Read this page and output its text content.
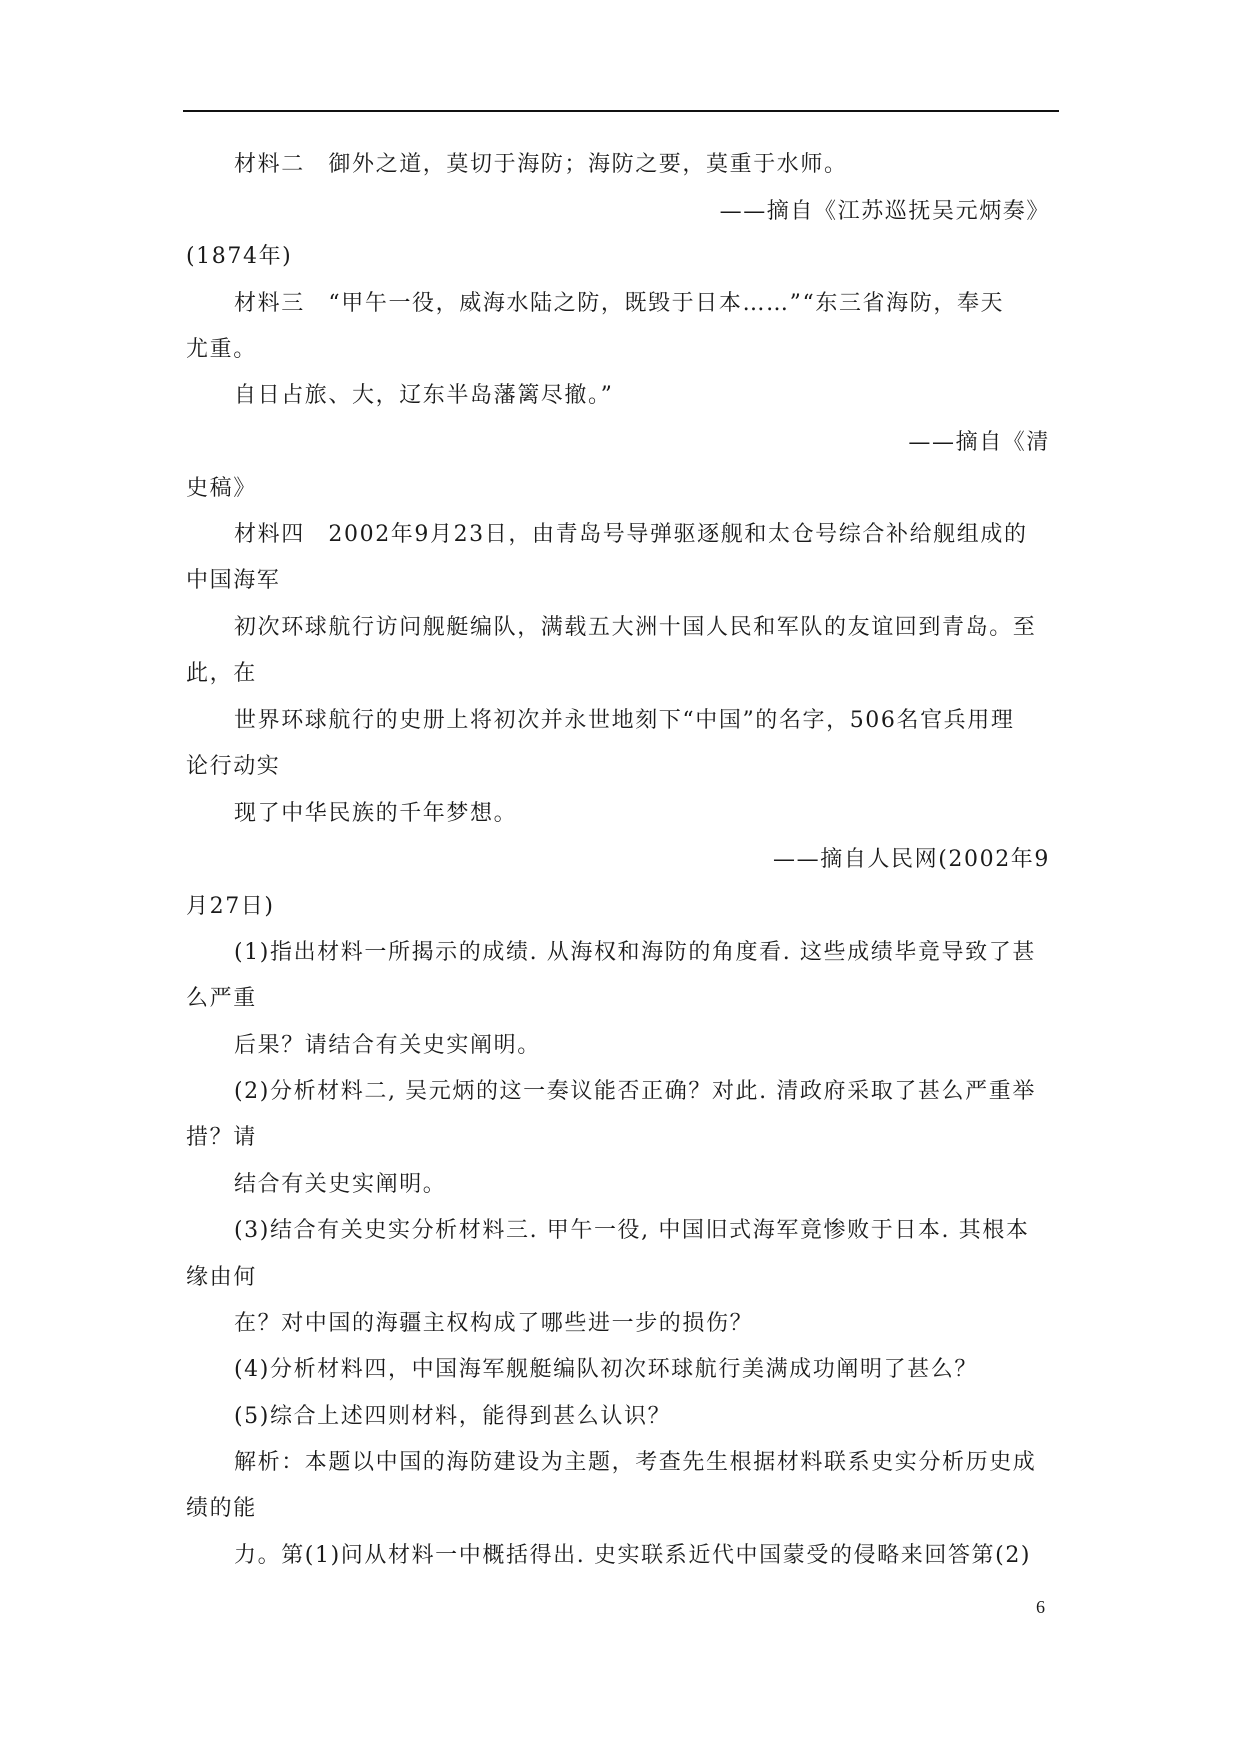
材料二　御外之道，莫切于海防；海防之要，莫重于水师。
——摘自《江苏巡抚吴元炳奏》
(1874年)
材料三　“甲午一役，威海水陆之防，既毁于日本……”“东三省海防，奉天
尤重。
自日占旅、大，辽东半岛藩篱尽撤。”
——摘自《清
史稿》
材料四　2002年9月23日，由青岛号导弹驱逐舰和太仓号综合补给舰组成的
中国海军
初次环球航行访问舰艇编队，满载五大洲十国人民和军队的友谊回到青岛。至
此，在
世界环球航行的史册上将初次并永世地刻下“中国”的名字，506名官兵用理
论行动实
现了中华民族的千年梦想。
——摘自人民网(2002年9
月27日)
(1)指出材料一所揭示的成绩. 从海权和海防的角度看. 这些成绩毕竟导致了甚
么严重
后果？请结合有关史实阐明。
(2)分析材料二, 吴元炳的这一奏议能否正确？对此. 清政府采取了甚么严重举
措？请
结合有关史实阐明。
(3)结合有关史实分析材料三. 甲午一役, 中国旧式海军竟惨败于日本. 其根本
缘由何
在？对中国的海疆主权构成了哪些进一步的损伤？
(4)分析材料四，中国海军舰艇编队初次环球航行美满成功阐明了甚么？
(5)综合上述四则材料，能得到甚么认识？
解析：本题以中国的海防建设为主题，考查先生根据材料联系史实分析历史成
绩的能
力。第(1)问从材料一中概括得出. 史实联系近代中国蒙受的侵略来回答第(2)
6
